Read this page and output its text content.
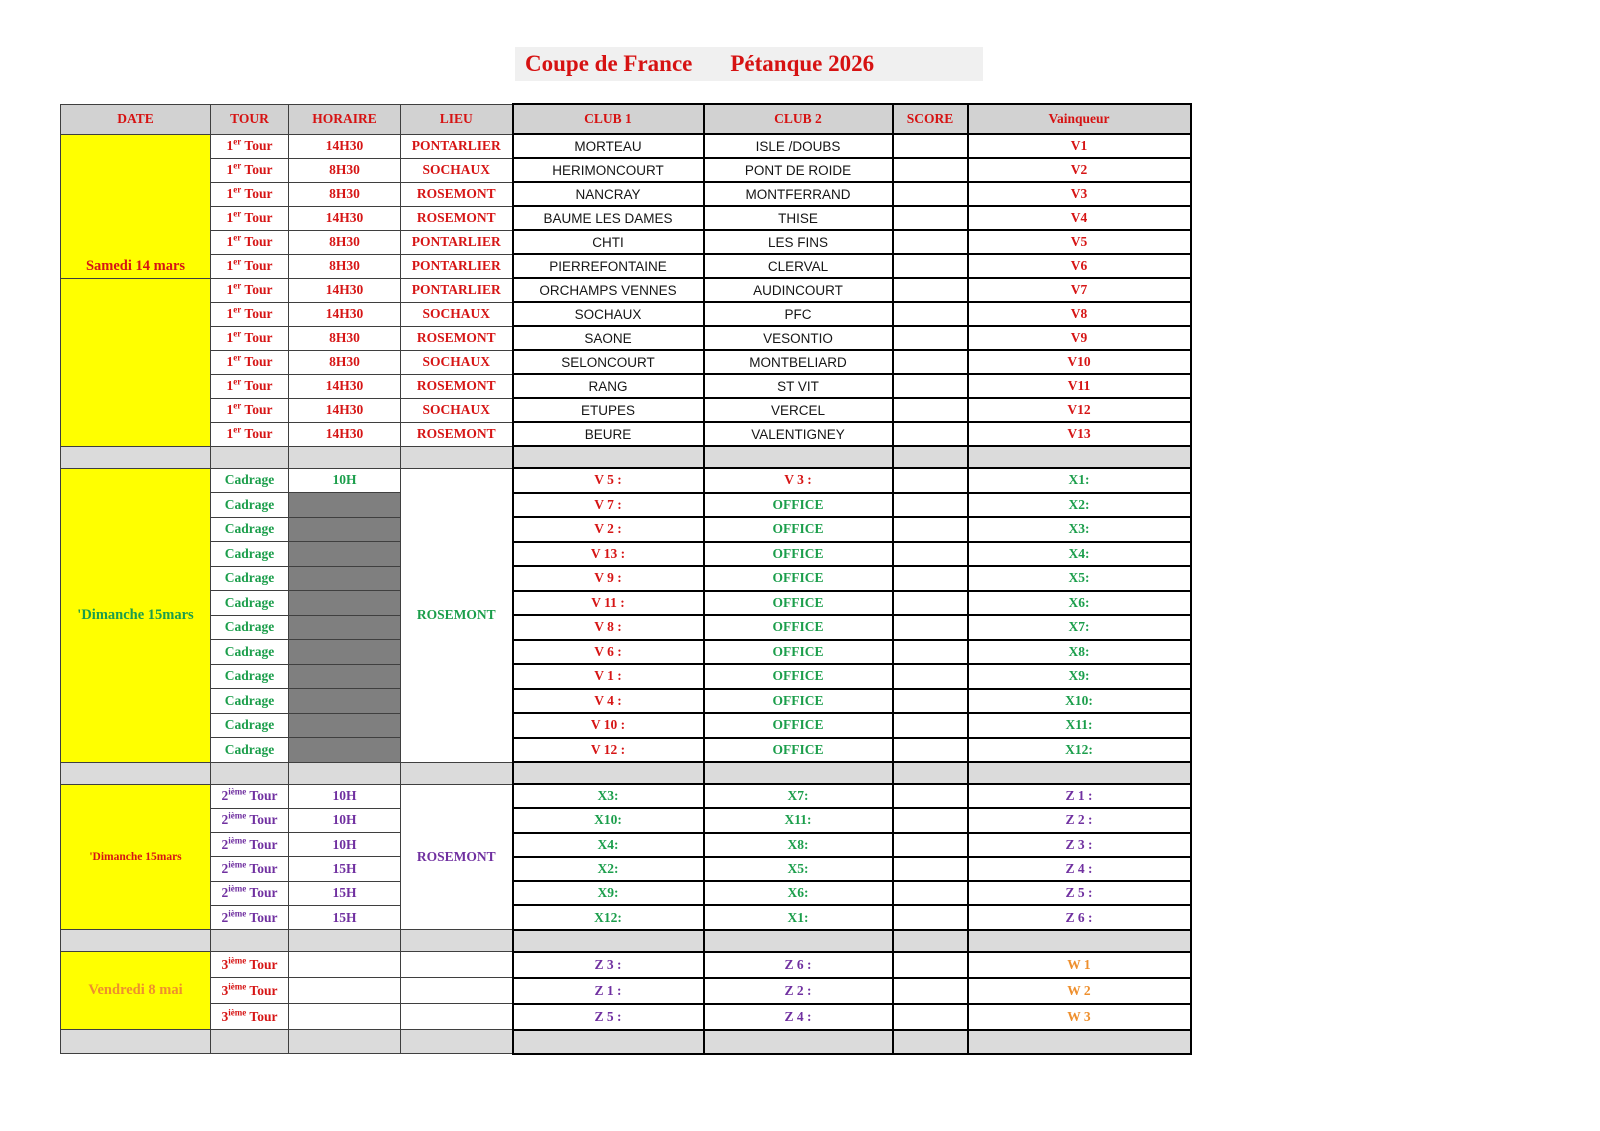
Coupe de France Pétanque 2026
DATE	TOUR	HORAIRE	LIEU	CLUB 1	CLUB 2	SCORE	Vainqueur
Samedi 14 mars	1er Tour	14H30	PONTARLIER	MORTEAU	ISLE /DOUBS		V1
	1er Tour	8H30	SOCHAUX	HERIMONCOURT	PONT DE ROIDE		V2
	1er Tour	8H30	ROSEMONT	NANCRAY	MONTFERRAND		V3
	1er Tour	14H30	ROSEMONT	BAUME LES DAMES	THISE		V4
	1er Tour	8H30	PONTARLIER	CHTI	LES FINS		V5
	1er Tour	8H30	PONTARLIER	PIERREFONTAINE	CLERVAL		V6
	1er Tour	14H30	PONTARLIER	ORCHAMPS VENNES	AUDINCOURT		V7
	1er Tour	14H30	SOCHAUX	SOCHAUX	PFC		V8
	1er Tour	8H30	ROSEMONT	SAONE	VESONTIO		V9
	1er Tour	8H30	SOCHAUX	SELONCOURT	MONTBELIARD		V10
	1er Tour	14H30	ROSEMONT	RANG	ST VIT		V11
	1er Tour	14H30	SOCHAUX	ETUPES	VERCEL		V12
	1er Tour	14H30	ROSEMONT	BEURE	VALENTIGNEY		V13

'Dimanche 15mars	Cadrage	10H	ROSEMONT	V 5 :	V 3 :		X1:
	Cadrage			V 7 :	OFFICE		X2:
	Cadrage			V 2 :	OFFICE		X3:
	Cadrage			V 13 :	OFFICE		X4:
	Cadrage			V 9 :	OFFICE		X5:
	Cadrage			V 11 :	OFFICE		X6:
	Cadrage			V 8 :	OFFICE		X7:
	Cadrage			V 6 :	OFFICE		X8:
	Cadrage			V 1 :	OFFICE		X9:
	Cadrage			V 4 :	OFFICE		X10:
	Cadrage			V 10 :	OFFICE		X11:
	Cadrage			V 12 :	OFFICE		X12:

'Dimanche 15mars	2ième Tour	10H	ROSEMONT	X3:	X7:		Z 1 :
	2ième Tour	10H		X10:	X11:		Z 2 :
	2ième Tour	10H		X4:	X8:		Z 3 :
	2ième Tour	15H		X2:	X5:		Z 4 :
	2ième Tour	15H		X9:	X6:		Z 5 :
	2ième Tour	15H		X12:	X1:		Z 6 :

Vendredi 8 mai	3ième Tour			Z 3 :	Z 6 :		W 1
	3ième Tour			Z 1 :	Z 2 :		W 2
	3ième Tour			Z 5 :	Z 4 :		W 3
